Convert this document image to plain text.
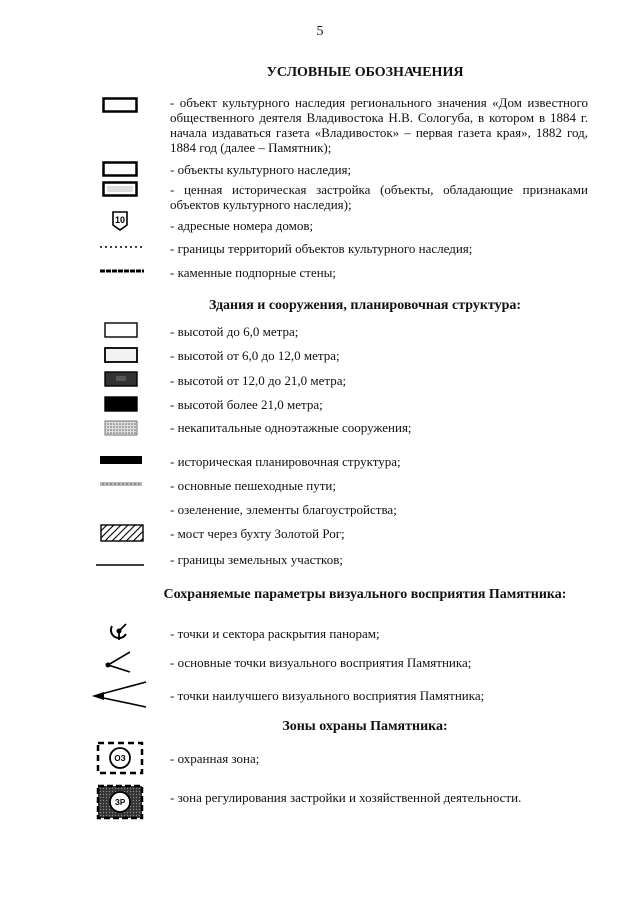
5
УСЛОВНЫЕ ОБОЗНАЧЕНИЯ
- объект культурного наследия регионального значения «Дом известного общественного деятеля Владивостока Н.В. Сологуба, в котором в 1884 г. начала издаваться газета «Владивосток» – первая газета края», 1882 год, 1884 год (далее – Памятник);
- объекты культурного наследия;
- ценная историческая застройка (объекты, обладающие признаками объектов культурного наследия);
10	- адресные номера домов;
- границы территорий объектов культурного наследия;
- каменные подпорные стены;
Здания и сооружения, планировочная структура:
- высотой до 6,0 метра;
- высотой от 6,0 до 12,0 метра;
- высотой от 12,0 до 21,0 метра;
- высотой более 21,0 метра;
- некапитальные одноэтажные сооружения;
- историческая планировочная структура;
- основные пешеходные пути;
- озеленение, элементы благоустройства;
- мост через бухту Золотой Рог;
- границы земельных участков;
Сохраняемые параметры визуального восприятия Памятника:
- точки и сектора раскрытия панорам;
- основные точки визуального восприятия Памятника;
- точки наилучшего визуального восприятия Памятника;
Зоны охраны Памятника:
ОЗ	- охранная зона;
ЗР	- зона регулирования застройки и хозяйственной деятельности.
